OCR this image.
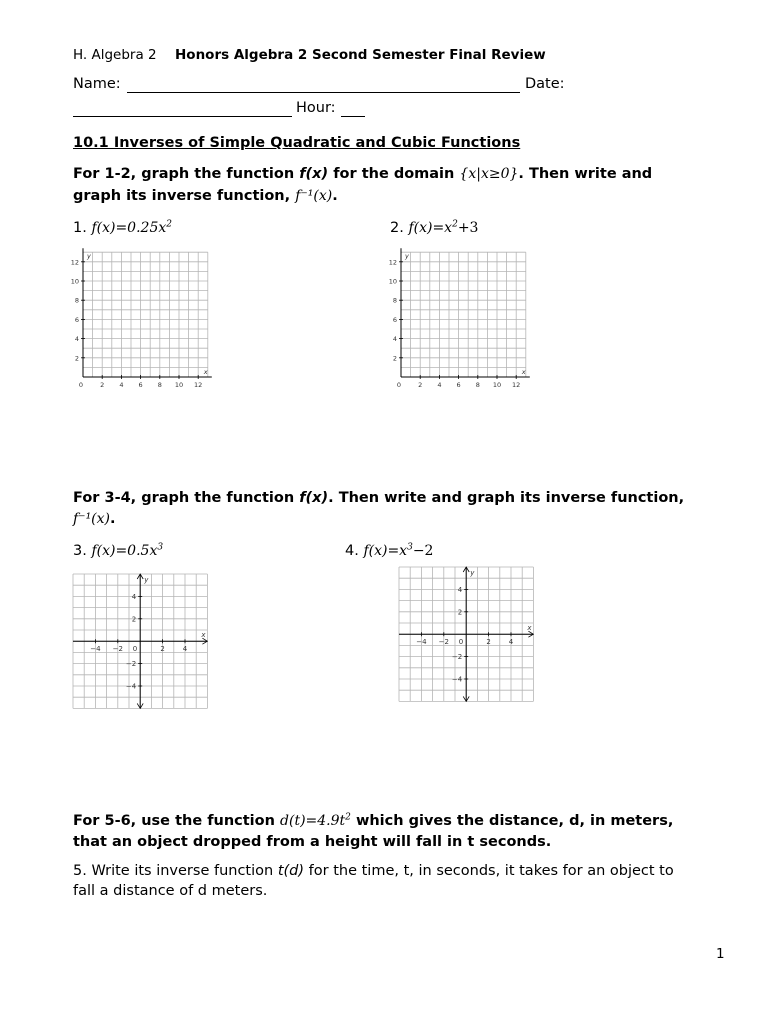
H. Algebra 2 Honors Algebra 2 Second Semester Final Review
Name:	Date:
Hour:
10.1 Inverses of Simple Quadratic and Cubic Functions
For 1-2, graph the function f(x) for the domain {x|x≥0}. Then write and
graph its inverse function, f⁻¹(x).
1. $f(x)=0.25x^2$	2. $f(x)=x^2+3$
12
10
8
6
4
2
2 4 6 8 10 12
0
x
y
12
10
8
6
4
2
2 4 6 8 10 12
0
x
y
For 3-4, graph the function f(x). Then write and graph its inverse function,
f⁻¹(x).
3. $f(x)=0.5x^3$	4. $f(x)=x^3-2$
−4 −2	2	4
4
2
−2
−4
0
x
y
−4 −2	2	4
4
2
−2
−4
0
x
y
For 5-6, use the function $d(t)=4.9t^2$ which gives the distance, d, in meters,
that an object dropped from a height will fall in t seconds.
5. Write its inverse function t(d) for the time, t, in seconds, it takes for an object to
fall a distance of d meters.
1
